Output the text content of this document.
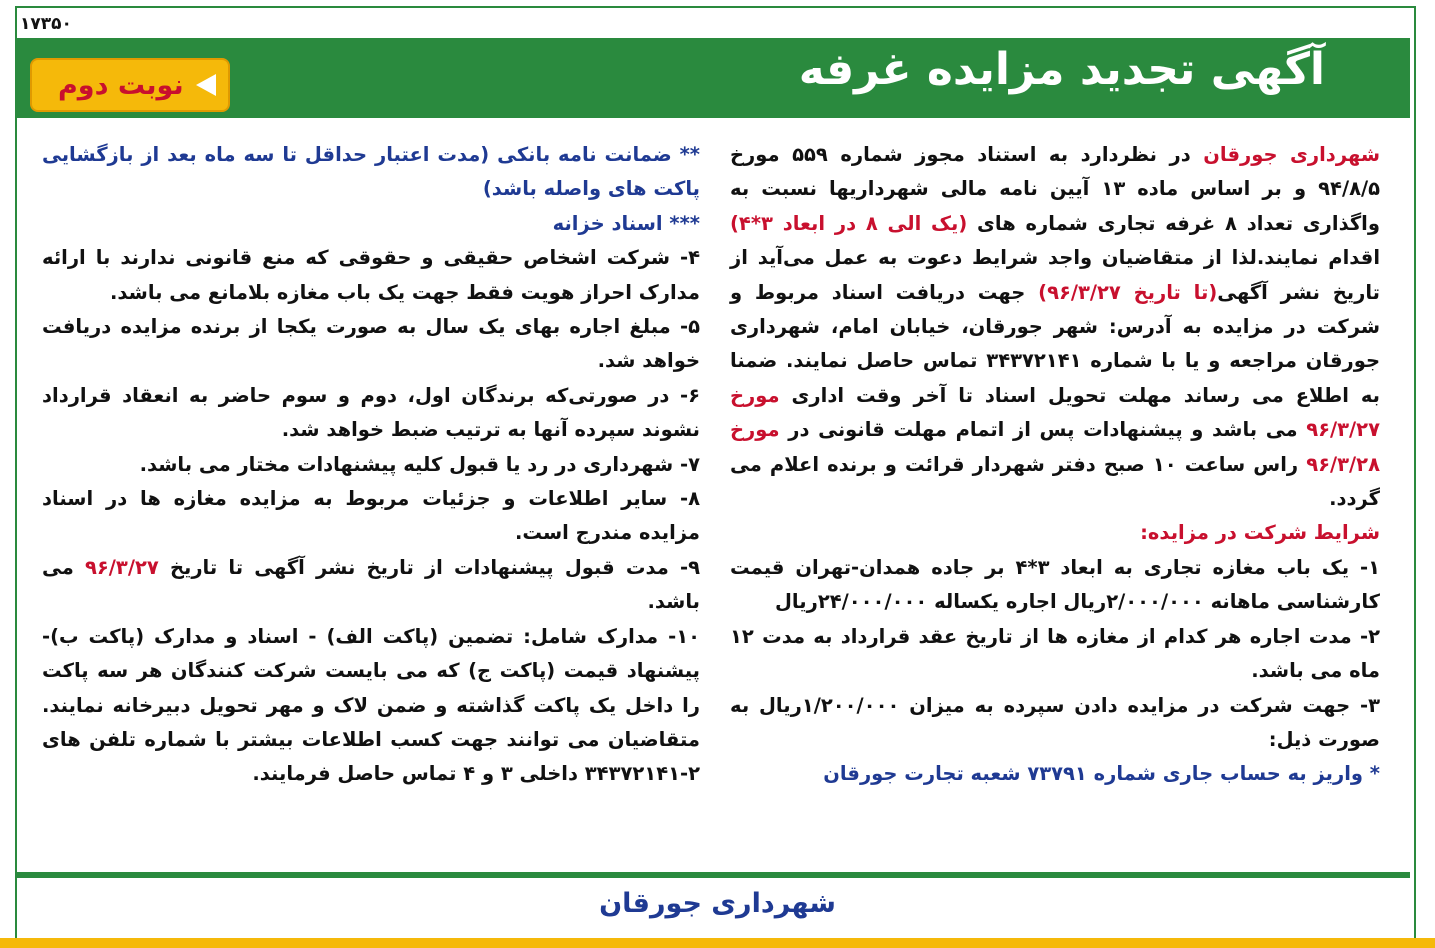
۱۷۳۵۰
آگهی تجدید مزایده غرفه
نوبت دوم

شهرداری جورقان در نظردارد به استناد مجوز شماره ۵۵۹ مورخ ۹۴/۸/۵ و بر اساس ماده ۱۳ آیین نامه مالی شهرداریها نسبت به واگذاری تعداد ۸ غرفه تجاری شماره های (یک الی ۸ در ابعاد ۳*۴) اقدام نمایند.لذا از متقاضیان واجد شرایط دعوت به عمل می‌آید از تاریخ نشر آگهی(تا تاریخ ۹۶/۳/۲۷) جهت دریافت اسناد مربوط و شرکت در مزایده به آدرس: شهر جورقان، خیابان امام، شهرداری جورقان مراجعه و یا با شماره ۳۴۳۷۲۱۴۱ تماس حاصل نمایند. ضمنا به اطلاع می رساند مهلت تحویل اسناد تا آخر وقت اداری مورخ ۹۶/۳/۲۷ می باشد و پیشنهادات پس از اتمام مهلت قانونی در مورخ ۹۶/۳/۲۸ راس ساعت ۱۰ صبح دفتر شهردار قرائت و برنده اعلام می گردد.

شرایط شرکت در مزایده:

۱- یک باب مغازه تجاری به ابعاد ۳*۴ بر جاده همدان-تهران قیمت کارشناسی ماهانه ۲/۰۰۰/۰۰۰ریال اجاره یکساله ۲۴/۰۰۰/۰۰۰ریال

۲- مدت اجاره هر کدام از مغازه ها از تاریخ عقد قرارداد به مدت ۱۲ ماه می باشد.

۳- جهت شرکت در مزایده دادن سپرده به میزان ۱/۲۰۰/۰۰۰ریال به صورت ذیل:

* واریز به حساب جاری شماره ۷۳۷۹۱ شعبه تجارت جورقان

** ضمانت نامه بانکی (مدت اعتبار حداقل تا سه ماه بعد از بازگشایی پاکت های واصله باشد)

*** اسناد خزانه

۴- شرکت اشخاص حقیقی و حقوقی که منع قانونی ندارند با ارائه مدارک احراز هویت فقط جهت یک باب مغازه بلامانع می باشد.

۵- مبلغ اجاره بهای یک سال به صورت یکجا از برنده مزایده دریافت خواهد شد.

۶- در صورتی‌که برندگان اول، دوم و سوم حاضر به انعقاد قرارداد نشوند سپرده آنها به ترتیب ضبط خواهد شد.

۷- شهرداری در رد یا قبول کلیه پیشنهادات مختار می باشد.

۸- سایر اطلاعات و جزئیات مربوط به مزایده مغازه ها در اسناد مزایده مندرج است.

۹- مدت قبول پیشنهادات از تاریخ نشر آگهی تا تاریخ ۹۶/۳/۲۷ می باشد.

۱۰- مدارک شامل: تضمین (پاکت الف) - اسناد و مدارک (پاکت ب)- پیشنهاد قیمت (پاکت ج) که می بایست شرکت کنندگان هر سه پاکت را داخل یک پاکت گذاشته و ضمن لاک و مهر تحویل دبیرخانه نمایند. متقاضیان می توانند جهت کسب اطلاعات بیشتر با شماره تلفن های ۲-۳۴۳۷۲۱۴۱ داخلی ۳ و ۴ تماس حاصل فرمایند.

شهرداری جورقان
